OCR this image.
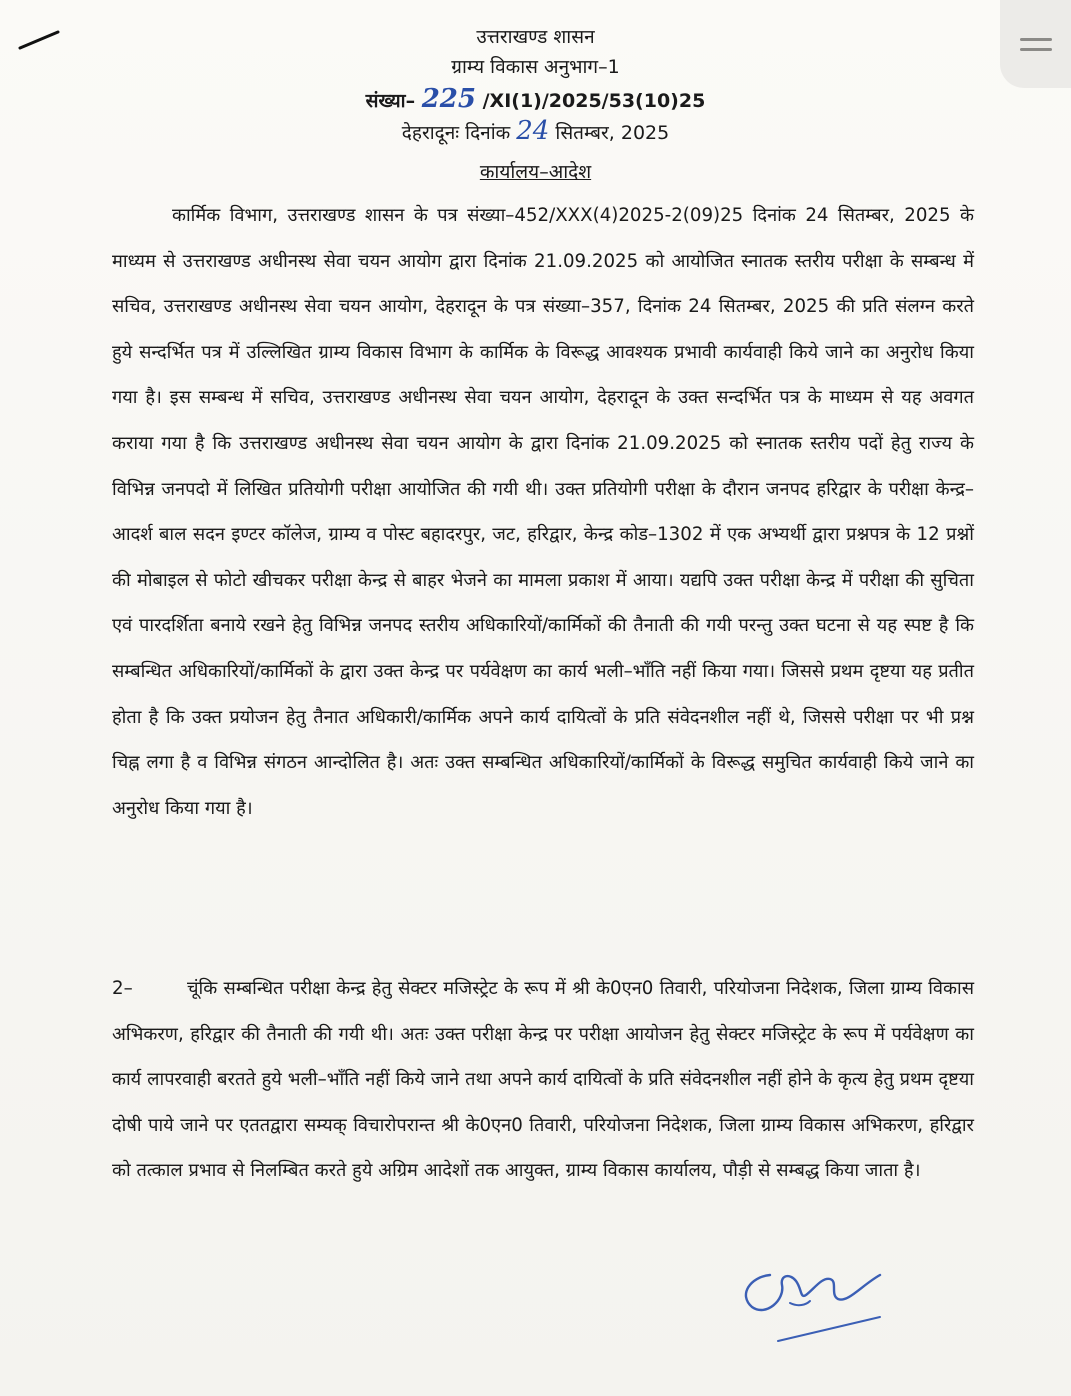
उत्तराखण्ड शासन
ग्राम्य विकास अनुभाग–1
संख्या– 225 /XI(1)/2025/53(10)25
देहरादूनः दिनांक 24 सितम्बर, 2025
कार्यालय–आदेश
कार्मिक विभाग, उत्तराखण्ड शासन के पत्र संख्या–452/XXX(4)2025-2(09)25 दिनांक 24 सितम्बर, 2025 के माध्यम से उत्तराखण्ड अधीनस्थ सेवा चयन आयोग द्वारा दिनांक 21.09.2025 को आयोजित स्नातक स्तरीय परीक्षा के सम्बन्ध में सचिव, उत्तराखण्ड अधीनस्थ सेवा चयन आयोग, देहरादून के पत्र संख्या–357, दिनांक 24 सितम्बर, 2025 की प्रति संलग्न करते हुये सन्दर्भित पत्र में उल्लिखित ग्राम्य विकास विभाग के कार्मिक के विरूद्ध आवश्यक प्रभावी कार्यवाही किये जाने का अनुरोध किया गया है। इस सम्बन्ध में सचिव, उत्तराखण्ड अधीनस्थ सेवा चयन आयोग, देहरादून के उक्त सन्दर्भित पत्र के माध्यम से यह अवगत कराया गया है कि उत्तराखण्ड अधीनस्थ सेवा चयन आयोग के द्वारा दिनांक 21.09.2025 को स्नातक स्तरीय पदों हेतु राज्य के विभिन्न जनपदो में लिखित प्रतियोगी परीक्षा आयोजित की गयी थी। उक्त प्रतियोगी परीक्षा के दौरान जनपद हरिद्वार के परीक्षा केन्द्र–आदर्श बाल सदन इण्टर कॉलेज, ग्राम्य व पोस्ट बहादरपुर, जट, हरिद्वार, केन्द्र कोड–1302 में एक अभ्यर्थी द्वारा प्रश्नपत्र के 12 प्रश्नों की मोबाइल से फोटो खीचकर परीक्षा केन्द्र से बाहर भेजने का मामला प्रकाश में आया। यद्यपि उक्त परीक्षा केन्द्र में परीक्षा की सुचिता एवं पारदर्शिता बनाये रखने हेतु विभिन्न जनपद स्तरीय अधिकारियों/कार्मिकों की तैनाती की गयी परन्तु उक्त घटना से यह स्पष्ट है कि सम्बन्धित अधिकारियों/कार्मिकों के द्वारा उक्त केन्द्र पर पर्यवेक्षण का कार्य भली–भाँति नहीं किया गया। जिससे प्रथम दृष्टया यह प्रतीत होता है कि उक्त प्रयोजन हेतु तैनात अधिकारी/कार्मिक अपने कार्य दायित्वों के प्रति संवेदनशील नहीं थे, जिससे परीक्षा पर भी प्रश्न चिह्न लगा है व विभिन्न संगठन आन्दोलित है। अतः उक्त सम्बन्धित अधिकारियों/कार्मिकों के विरूद्ध समुचित कार्यवाही किये जाने का अनुरोध किया गया है।
2–	चूंकि सम्बन्धित परीक्षा केन्द्र हेतु सेक्टर मजिस्ट्रेट के रूप में श्री के0एन0 तिवारी, परियोजना निदेशक, जिला ग्राम्य विकास अभिकरण, हरिद्वार की तैनाती की गयी थी। अतः उक्त परीक्षा केन्द्र पर परीक्षा आयोजन हेतु सेक्टर मजिस्ट्रेट के रूप में पर्यवेक्षण का कार्य लापरवाही बरतते हुये भली–भाँति नहीं किये जाने तथा अपने कार्य दायित्वों के प्रति संवेदनशील नहीं होने के कृत्य हेतु प्रथम दृष्टया दोषी पाये जाने पर एततद्वारा सम्यक् विचारोपरान्त श्री के0एन0 तिवारी, परियोजना निदेशक, जिला ग्राम्य विकास अभिकरण, हरिद्वार को तत्काल प्रभाव से निलम्बित करते हुये अग्रिम आदेशों तक आयुक्त, ग्राम्य विकास कार्यालय, पौड़ी से सम्बद्ध किया जाता है।
